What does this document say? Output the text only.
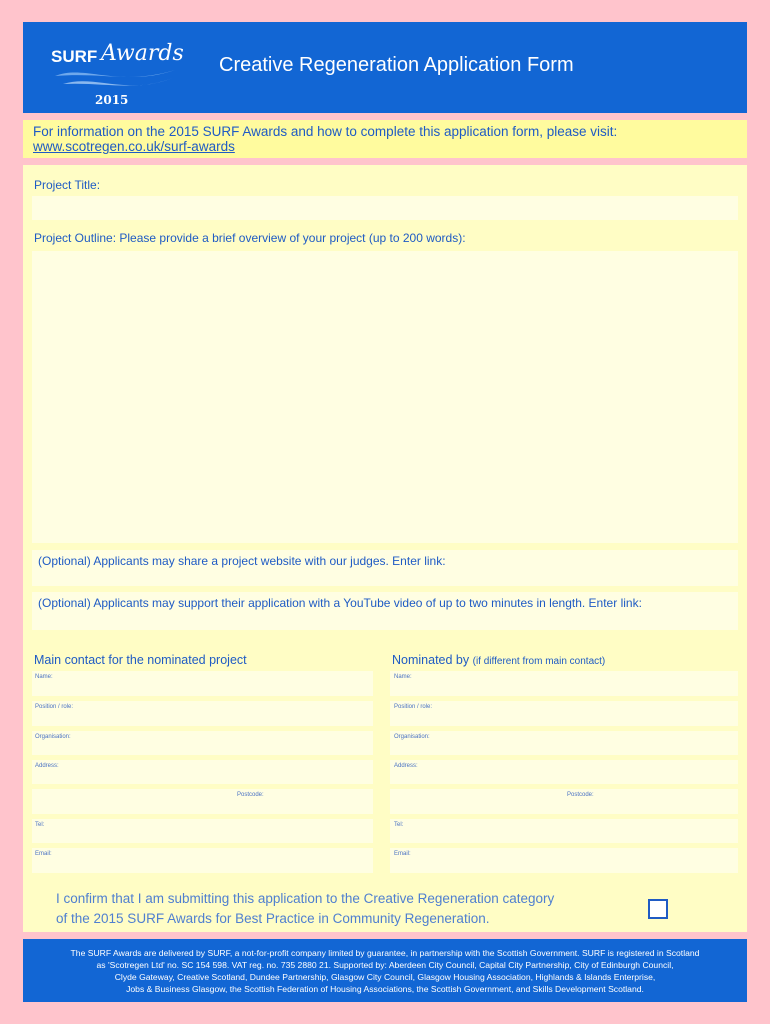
SURF Awards
2015
Creative Regeneration Application Form
For information on the 2015 SURF Awards and how to complete this application form, please visit:
www.scotregen.co.uk/surf-awards
Project Title:
Project Outline: Please provide a brief overview of your project (up to 200 words):
(Optional) Applicants may share a project website with our judges. Enter link:
(Optional) Applicants may support their application with a YouTube video of up to two minutes in length. Enter link:
Main contact for the nominated project
Name:
Position / role:
Organisation:
Address:
Postcode:
Tel:
Email:
Nominated by (if different from main contact)
Name:
Position / role:
Organisation:
Address:
Postcode:
Tel:
Email:
I confirm that I am submitting this application to the Creative Regeneration category
of the 2015 SURF Awards for Best Practice in Community Regeneration.
The SURF Awards are delivered by SURF, a not-for-profit company limited by guarantee, in partnership with the Scottish Government. SURF is registered in Scotland
as 'Scotregen Ltd' no. SC 154 598. VAT reg. no. 735 2880 21. Supported by: Aberdeen City Council, Capital City Partnership, City of Edinburgh Council,
Clyde Gateway, Creative Scotland, Dundee Partnership, Glasgow City Council, Glasgow Housing Association, Highlands & Islands Enterprise,
Jobs & Business Glasgow, the Scottish Federation of Housing Associations, the Scottish Government, and Skills Development Scotland.
